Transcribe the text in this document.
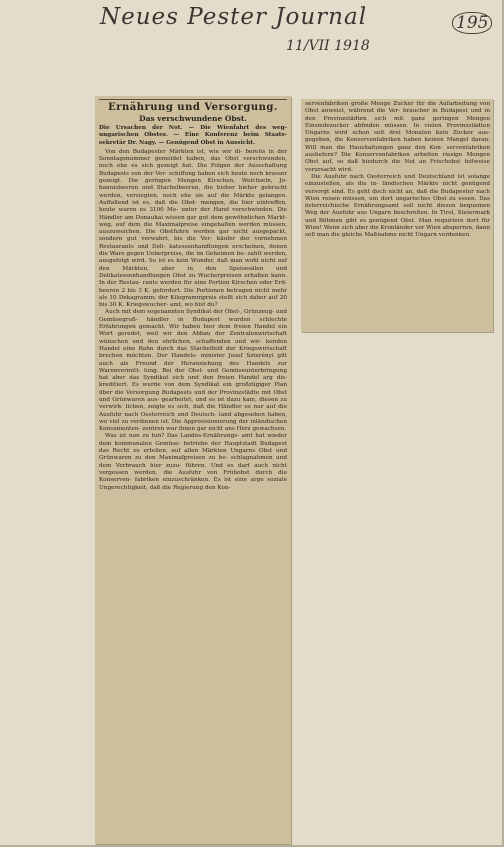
Neues Pester Journal
11/VII 1918
195
Ernährung und Versorgung.
Das verschwundene Obst.

Die Ursachen der Not. — Die Wienfahrt des weg-ungarischen Obstes. — Eine Konferenz beim Staats-sekretär Dr. Nagy. — Genügend Obst in Aussicht.

Von den Budapester Märkten ist, wie wir di- bereits in der Sonntagsnummer gemeldet haben, das Obst verschwunden, noch ehe es sich gezeigt hat. Die Folgen der Ausschaltung Budapests von der Ver- schiffung haben sich heute noch krasser gezeigt. Die geringen Mengen Kirschen, Weichseln, Jo- hannisbeeren und Stachelbeeren, die bisher hieher gebracht werden, versiegten, noch ehe sie auf die Märkte gelangen. Auffallend ist es, daß die Obst- mengen, die hier eintreffen, heute waren es 3100 Me- unter der Hand verschwinden. Die Händler am Donaukai wissen gar gut dem gewöhnlichen Markt- weg, auf dem die Maximalpreise eingehalten werden müssen, auszuweichen. Die Obstfuhre werden gar nicht ausgepackt, sondern gut verwahrt, bis die Ver- käufer der vornehmen Restaurants und Deli- katessenhandlungen erscheinen, denen die Ware gegen Ueberpreise, die im Geheimen be- zahlt werden, ausgefolgt wird. So ist es kein Wunder, daß man wohl nicht auf den Märkten, aber in den Speisesälen und Delikatessenhandlungen Obst zu Wucherpreisen erhalten kann. In der Restau- rants werden für eine Portion Kirschen oder Erd- beeren 2 bis 3 K. gefordert. Die Portionen betragen nicht mehr als 10 Dekagramm; der Kilogrammpreis stellt sich daher auf 20 bis 30 K. Kriegswucher- amt, wo bist du?

Auch mit dem sogenannten Syndikat der Obst-, Grünzeug- und Gemüsegroß- händler in Budapest wurden schlechte Erfahrungen gemacht. Wir haben hier dem freien Handel ein Wort geredet, weil wir den Abbau der Zentralenwirtschaft wünschen und den ehrlichen, schaffenden und wir- kenden Handel eine Bahn durch das Stachelfeld der Kriegswirtschaft brechen möchten. Der Handels- minister Josef Szterényi gilt auch als Freund der Heranziehung des Handels zur Warenvermitt- lung. Bei der Obst- und Gemüseunterbringung hat aber das Syndikat sich und den freien Handel arg dis- kreditiert. Es wurde von dem Syndikat ein großzügiger Plan über die Versorgung Budapests und der Provinzstädte mit Obst und Grünwaren aus- gearbeitet, und es ist dazu kam, diesen zu verwirk- lichen, zeigte es sich, daß die Händler es nur auf die Ausfuhr nach Oesterreich und Deutsch- land abgesehen haben, wo viel zu verdienen ist. Die Approvisionierung der inländischen Konsumenten- zentren war ihnen gar nicht ans Herz gewachsen.

Was ist nun zu tun? Das Landes-Ernährungs- amt hat wieder dem kommunalen Gemüse- betriebe der Hauptstadt Budapest das Recht zu erteilen, auf allen Märkten Ungarns Obst und Grünwaren zu den Maximalpreisen zu be- schlagnahmen und dem Verbrauch hier zuzu- führen. Und es darf auch nicht vergessen werden, die Ausfuhr von Frühobst durch die Konserven- fabriken einzuschränken. Es ist eine arge soziale Ungerechtigkeit, daß die Regierung den Kon-

servenfabriken große Menge Zucker für die Aufarbeitung von Obst anweist, während die Ver- braucher in Budapest und in den Provinzstädten sich mit ganz geringen Mengen Einsiedezucker abfinden müssen. In vielen Provinzstädten Ungarns wird schon seit drei Monaten kein Zucker aus- gegeben, die Konservenfabriken haben keinen Mangel daran. Will man die Haushaltungen ganz den Kon- servenfabriken ausliefern? Die Konservenfabriken arbeiten riesige Mengen Obst auf, so daß hiedurch die Not an Frischobst teilweise verursacht wird.

Die Ausfuhr nach Oesterreich und Deutschland ist solange einzustellen, als die in- ländischen Märkte nicht genügend versorgt sind. Es geht doch nicht an, daß die Budapester nach Wien reisen müssen, um dort ungarisches Obst zu essen. Das österreichische Ernährungsamt soll nicht diesen bequemen Weg der Ausfuhr aus Ungarn beschreiten. In Tirol, Steiermark und Böhmen gibt es genügend Obst. Man requiriere dort für Wien! Wenn sich aber die Kronländer vor Wien absperren, dann soll man die gleiche Maßnahme nicht Ungarn verdenken.
